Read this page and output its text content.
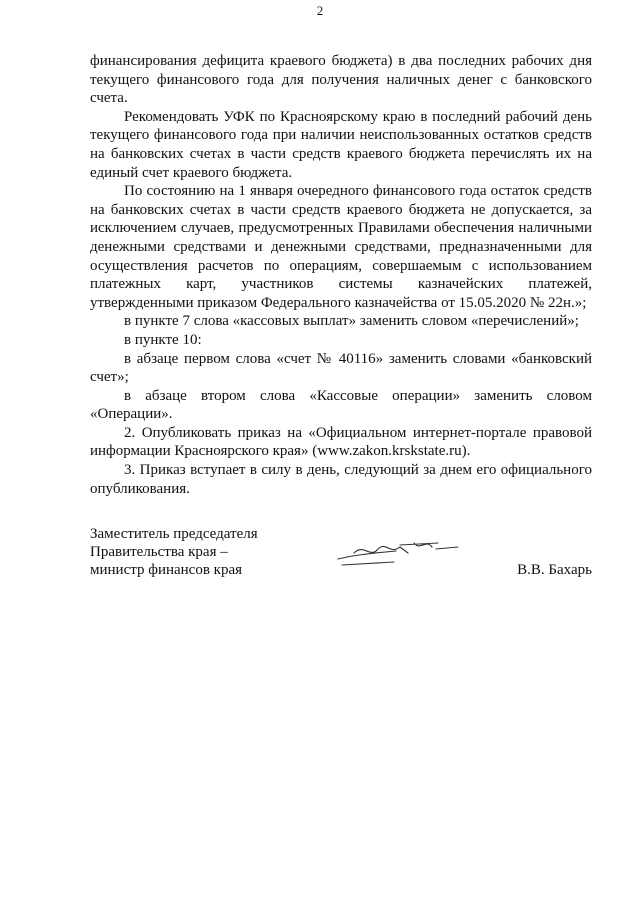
2

финансирования дефицита краевого бюджета) в два последних рабочих дня текущего финансового года для получения наличных денег с банковского счета.

Рекомендовать УФК по Красноярскому краю в последний рабочий день текущего финансового года при наличии неиспользованных остатков средств на банковских счетах в части средств краевого бюджета перечислять их на единый счет краевого бюджета.

По состоянию на 1 января очередного финансового года остаток средств на банковских счетах в части средств краевого бюджета не допускается, за исключением случаев, предусмотренных Правилами обеспечения наличными денежными средствами и денежными средствами, предназначенными для осуществления расчетов по операциям, совершаемым с использованием платежных карт, участников системы казначейских платежей, утвержденными приказом Федерального казначейства от 15.05.2020 № 22н.»;

в пункте 7 слова «кассовых выплат» заменить словом «перечислений»;

в пункте 10:

в абзаце первом слова «счет № 40116» заменить словами «банковский счет»;

в абзаце втором слова «Кассовые операции» заменить словом «Операции».

2. Опубликовать приказ на «Официальном интернет-портале правовой информации Красноярского края» (www.zakon.krskstate.ru).

3. Приказ вступает в силу в день, следующий за днем его официального опубликования.

Заместитель председателя
Правительства края –
министр финансов края	В.В. Бахарь
